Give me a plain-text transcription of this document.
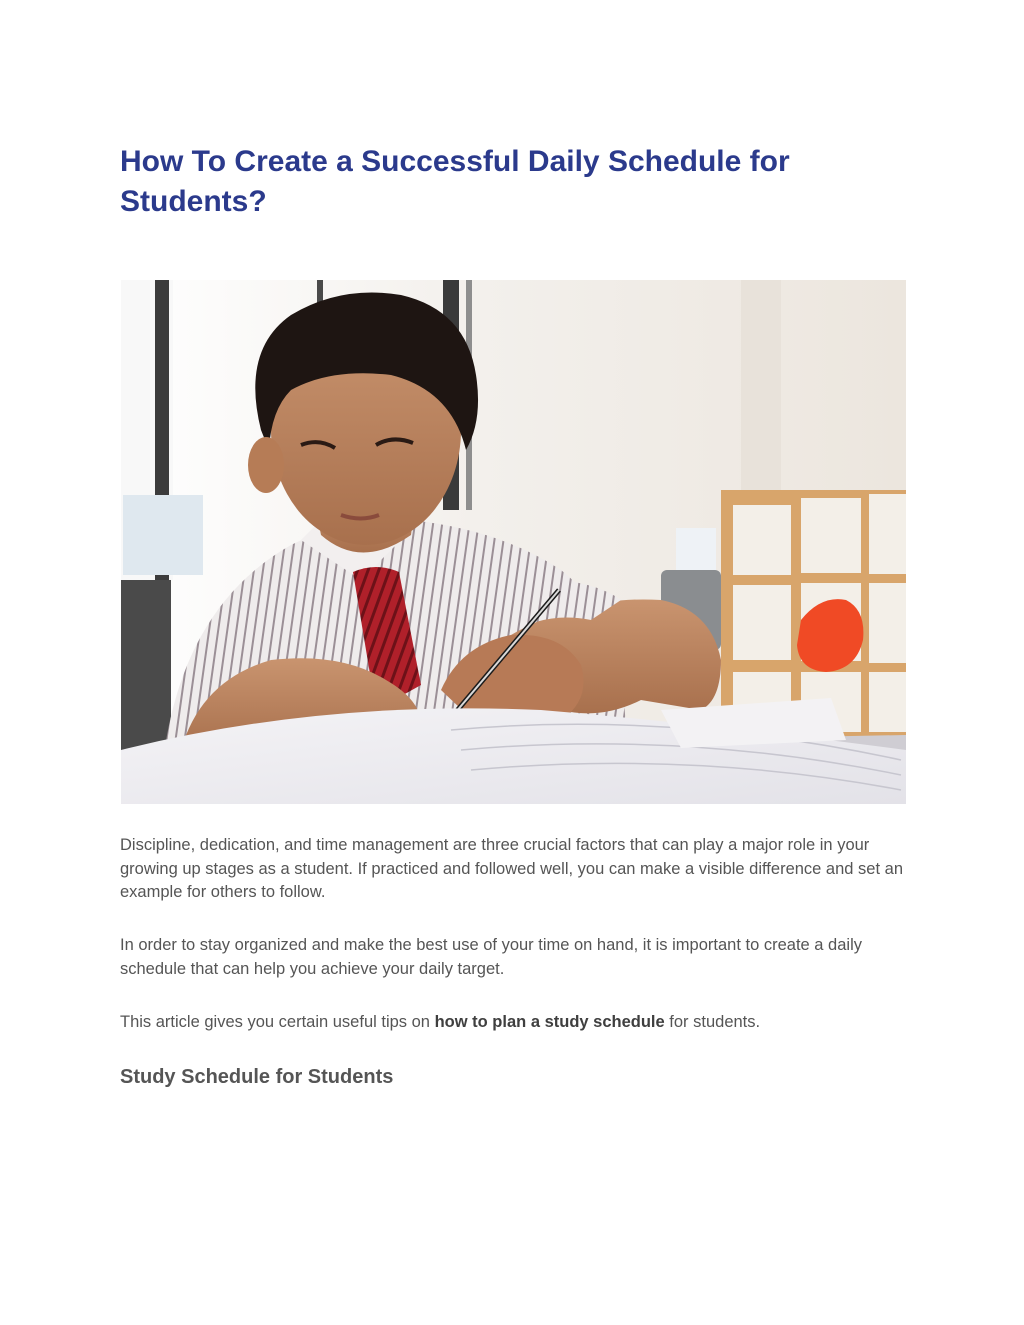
How To Create a Successful Daily Schedule for Students?

Discipline, dedication, and time management are three crucial factors that can play a major role in your growing up stages as a student. If practiced and followed well, you can make a visible difference and set an example for others to follow.

In order to stay organized and make the best use of your time on hand, it is important to create a daily schedule that can help you achieve your daily target.

This article gives you certain useful tips on how to plan a study schedule for students.

Study Schedule for Students
